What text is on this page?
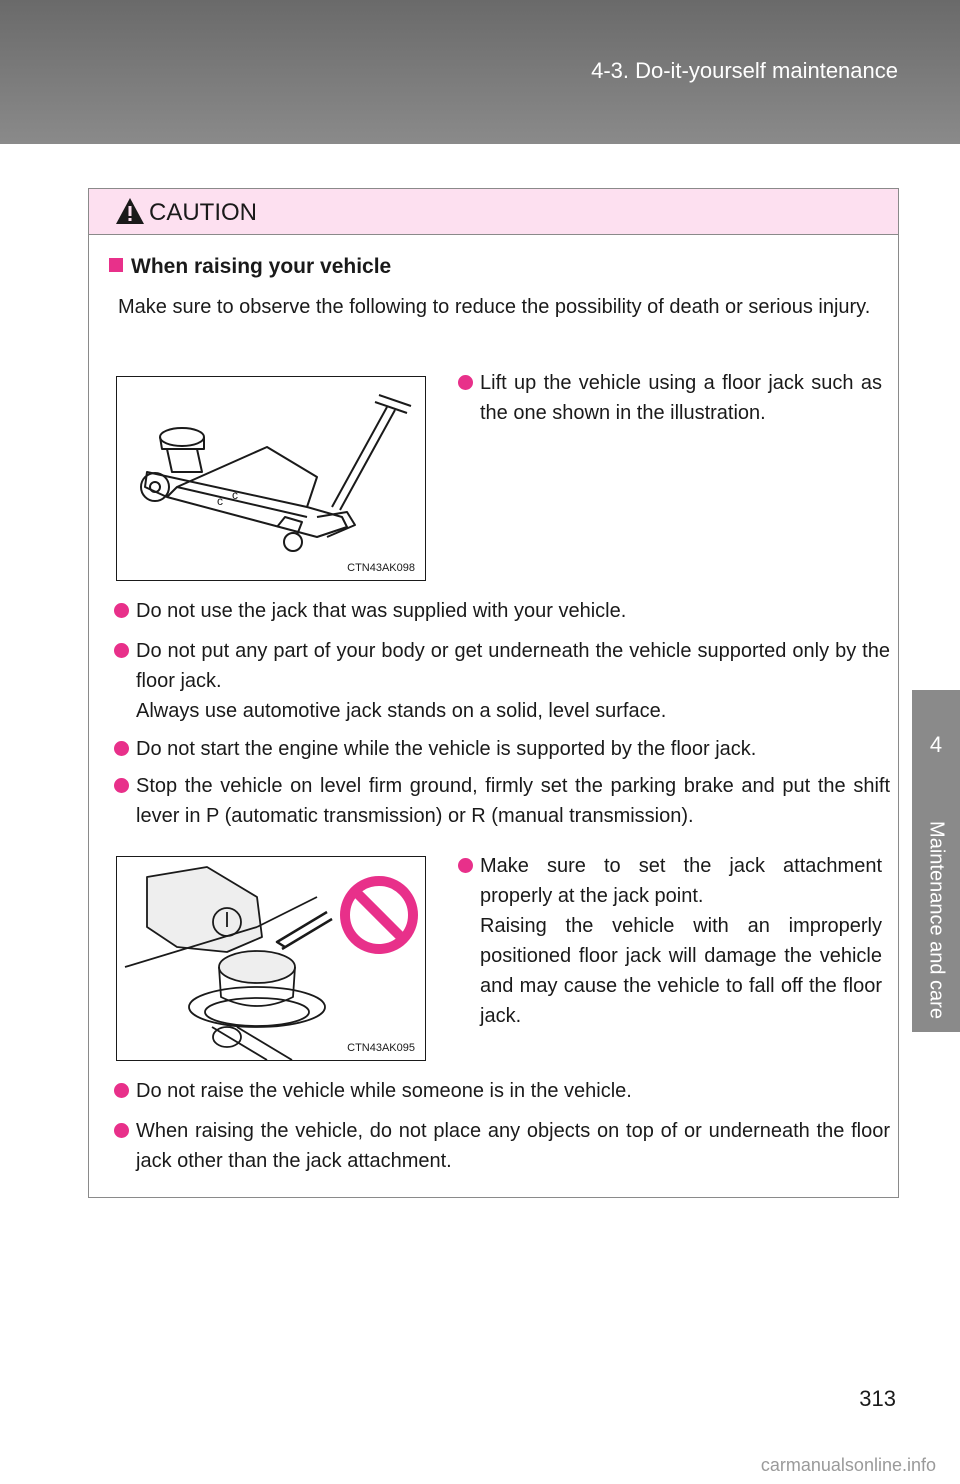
4-3. Do-it-yourself maintenance
4
Maintenance and care
CAUTION
When raising your vehicle
Make sure to observe the following to reduce the possibility of death or serious injury.
c c
CTN43AK098
Lift up the vehicle using a floor jack such as the one shown in the illustration.
Do not use the jack that was supplied with your vehicle.
Do not put any part of your body or get underneath the vehicle supported only by the floor jack.
Always use automotive jack stands on a solid, level surface.
Do not start the engine while the vehicle is supported by the floor jack.
Stop the vehicle on level firm ground, firmly set the parking brake and put the shift lever in P (automatic transmission) or R (manual transmission).
CTN43AK095
Make sure to set the jack attachment properly at the jack point.
Raising the vehicle with an improperly positioned floor jack will damage the vehicle and may cause the vehicle to fall off the floor jack.
Do not raise the vehicle while someone is in the vehicle.
When raising the vehicle, do not place any objects on top of or underneath the floor jack other than the jack attachment.
313
carmanualsonline.info
